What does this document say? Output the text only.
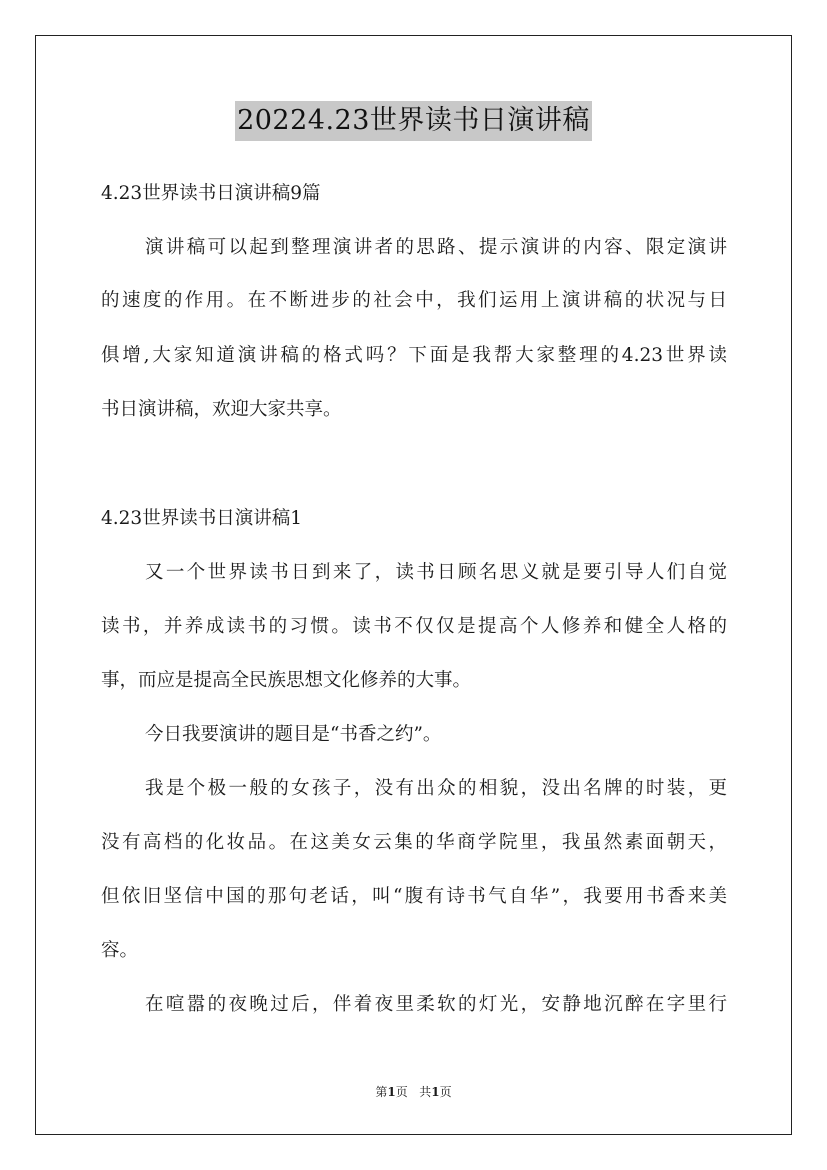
20224.23世界读书日演讲稿
4.23世界读书日演讲稿9篇
演讲稿可以起到整理演讲者的思路、提示演讲的内容、限定演讲
的速度的作用。在不断进步的社会中，我们运用上演讲稿的状况与日
俱增,大家知道演讲稿的格式吗？下面是我帮大家整理的4.23世界读
书日演讲稿，欢迎大家共享。
4.23世界读书日演讲稿1
又一个世界读书日到来了，读书日顾名思义就是要引导人们自觉
读书，并养成读书的习惯。读书不仅仅是提高个人修养和健全人格的
事，而应是提高全民族思想文化修养的大事。
今日我要演讲的题目是“书香之约”。
我是个极一般的女孩子，没有出众的相貌，没出名牌的时装，更
没有高档的化妆品。在这美女云集的华商学院里，我虽然素面朝天，
但依旧坚信中国的那句老话，叫“腹有诗书气自华”，我要用书香来美
容。
在喧嚣的夜晚过后，伴着夜里柔软的灯光，安静地沉醉在字里行
第1页 共1页
